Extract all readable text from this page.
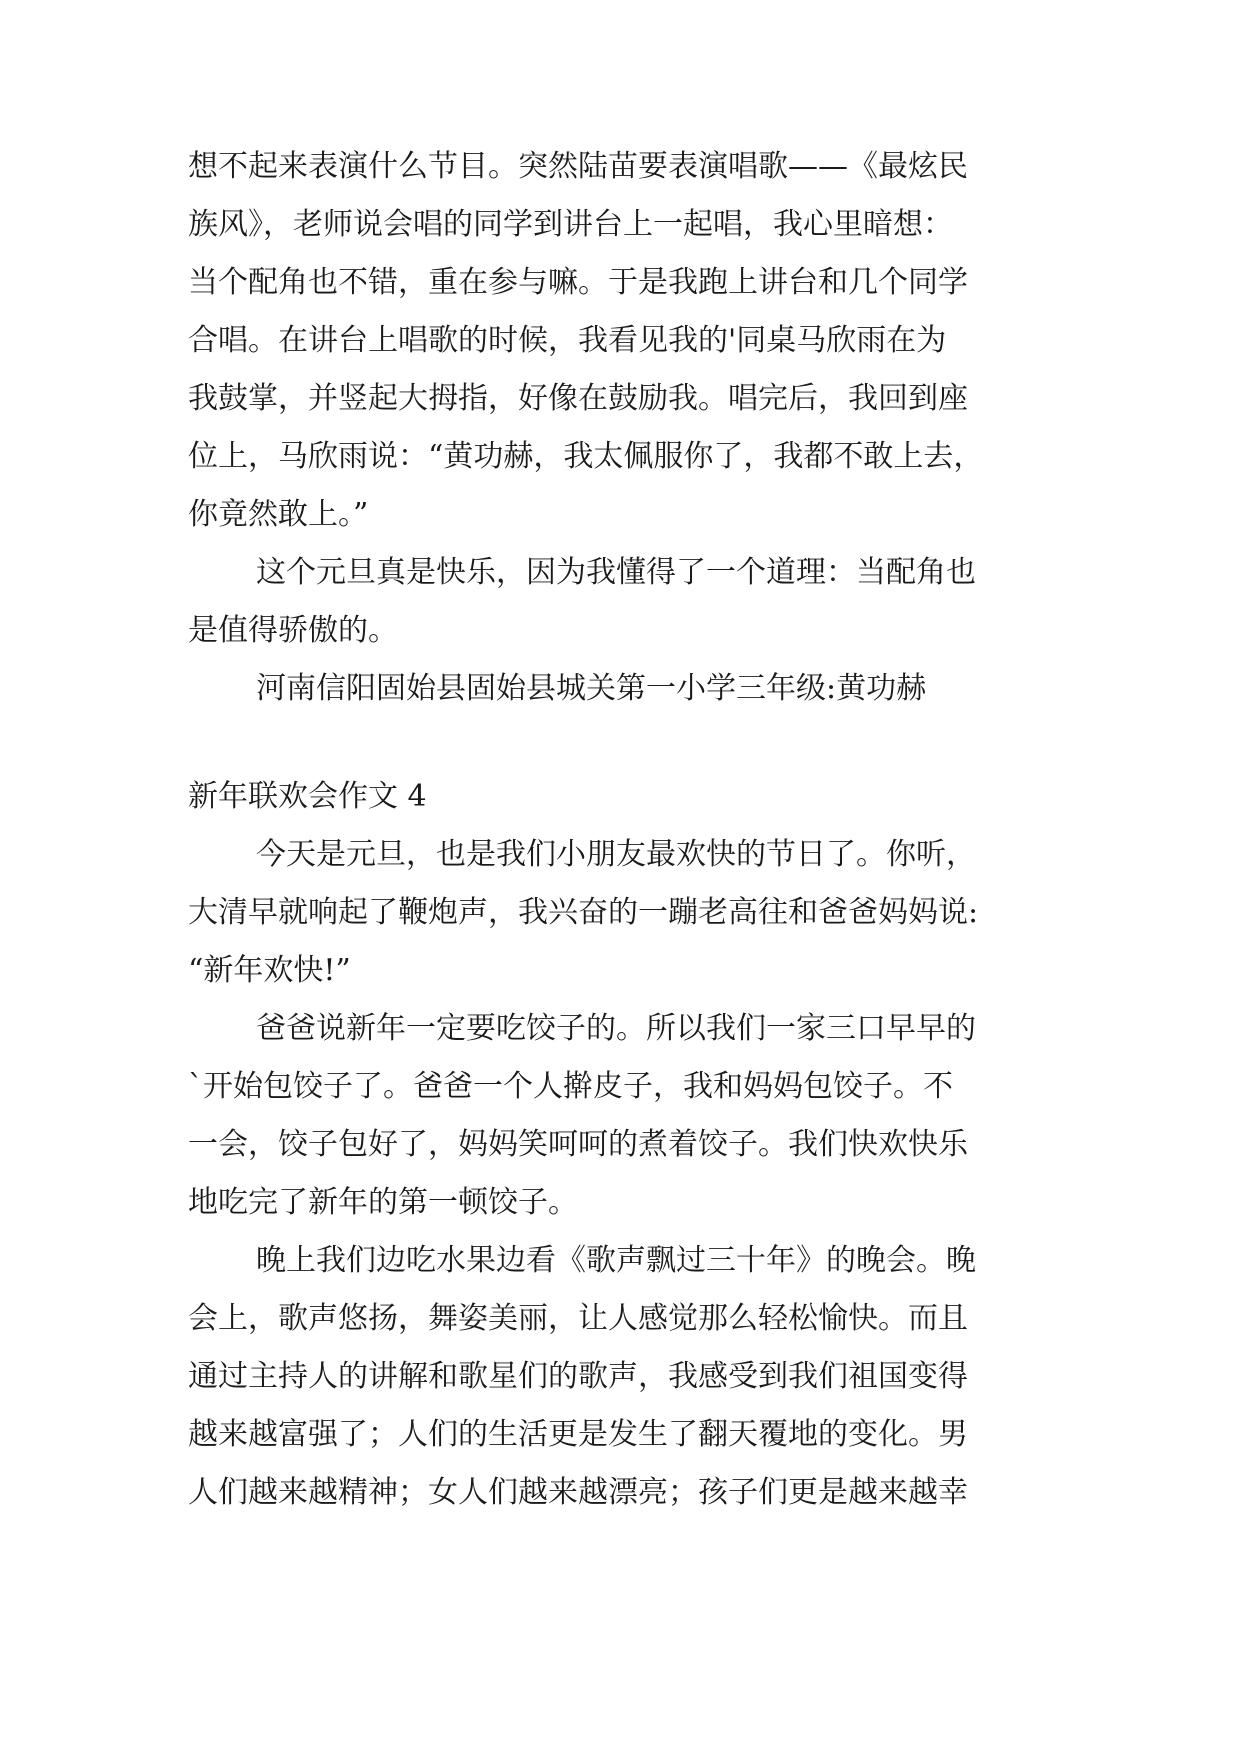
想不起来表演什么节目。突然陆苗要表演唱歌——《最炫民
族风》，老师说会唱的同学到讲台上一起唱，我心里暗想：
当个配角也不错，重在参与嘛。于是我跑上讲台和几个同学
合唱。在讲台上唱歌的时候，我看见我的'同桌马欣雨在为
我鼓掌，并竖起大拇指，好像在鼓励我。唱完后，我回到座
位上，马欣雨说：“黄功赫，我太佩服你了，我都不敢上去，
你竟然敢上。”
这个元旦真是快乐，因为我懂得了一个道理：当配角也
是值得骄傲的。
河南信阳固始县固始县城关第一小学三年级:黄功赫
新年联欢会作文 4
今天是元旦，也是我们小朋友最欢快的节日了。你听，
大清早就响起了鞭炮声，我兴奋的一蹦老高往和爸爸妈妈说:
“新年欢快!”
爸爸说新年一定要吃饺子的。所以我们一家三口早早的
`开始包饺子了。爸爸一个人擀皮子，我和妈妈包饺子。不
一会，饺子包好了，妈妈笑呵呵的煮着饺子。我们快欢快乐
地吃完了新年的第一顿饺子。
晚上我们边吃水果边看《歌声飘过三十年》的晚会。晚
会上，歌声悠扬，舞姿美丽，让人感觉那么轻松愉快。而且
通过主持人的讲解和歌星们的歌声，我感受到我们祖国变得
越来越富强了；人们的生活更是发生了翻天覆地的变化。男
人们越来越精神；女人们越来越漂亮；孩子们更是越来越幸
